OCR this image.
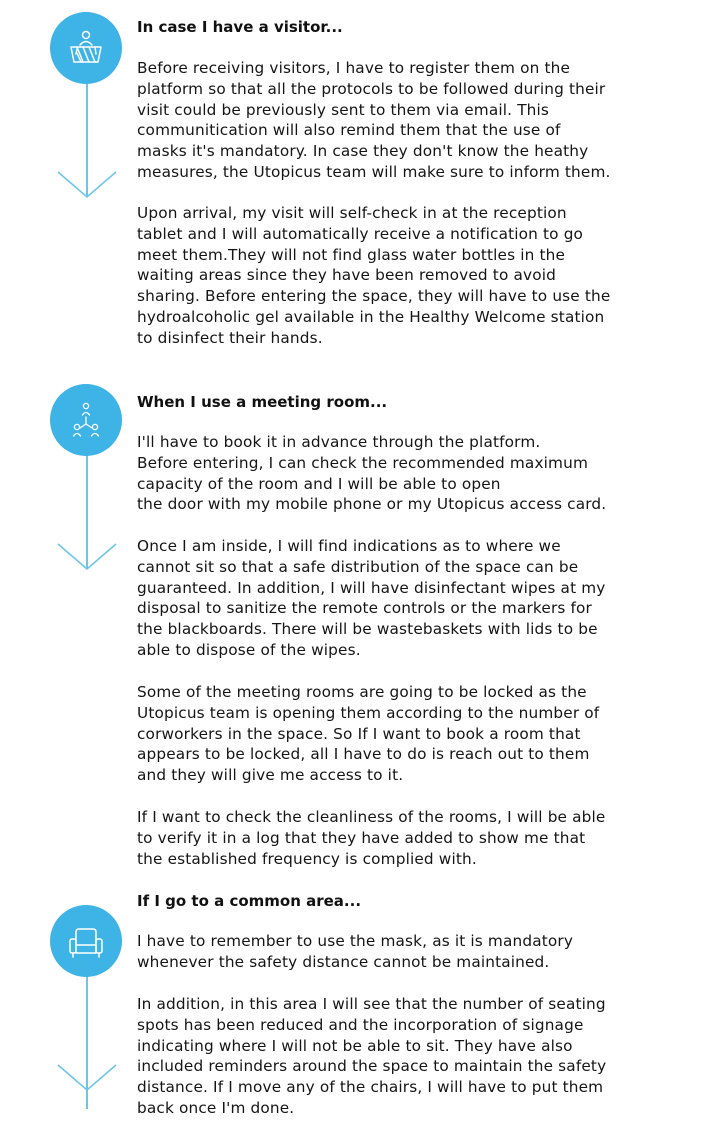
In case I have a visitor...

Before receiving visitors, I have to register them on the
platform so that all the protocols to be followed during their
visit could be previously sent to them via email. This
communitication will also remind them that the use of
masks it's mandatory. In case they don't know the heathy
measures, the Utopicus team will make sure to inform them.

Upon arrival, my visit will self-check in at the reception
tablet and I will automatically receive a notification to go
meet them.They will not find glass water bottles in the
waiting areas since they have been removed to avoid
sharing. Before entering the space, they will have to use the
hydroalcoholic gel available in the Healthy Welcome station
to disinfect their hands.

When I use a meeting room...

I'll have to book it in advance through the platform.
Before entering, I can check the recommended maximum
capacity of the room and I will be able to open
the door with my mobile phone or my Utopicus access card.

Once I am inside, I will find indications as to where we
cannot sit so that a safe distribution of the space can be
guaranteed. In addition, I will have disinfectant wipes at my
disposal to sanitize the remote controls or the markers for
the blackboards. There will be wastebaskets with lids to be
able to dispose of the wipes.

Some of the meeting rooms are going to be locked as the
Utopicus team is opening them according to the number of
corworkers in the space. So If I want to book a room that
appears to be locked, all I have to do is reach out to them
and they will give me access to it.

If I want to check the cleanliness of the rooms, I will be able
to verify it in a log that they have added to show me that
the established frequency is complied with.

If I go to a common area...

I have to remember to use the mask, as it is mandatory
whenever the safety distance cannot be maintained.

In addition, in this area I will see that the number of seating
spots has been reduced and the incorporation of signage
indicating where I will not be able to sit. They have also
included reminders around the space to maintain the safety
distance. If I move any of the chairs, I will have to put them
back once I'm done.
